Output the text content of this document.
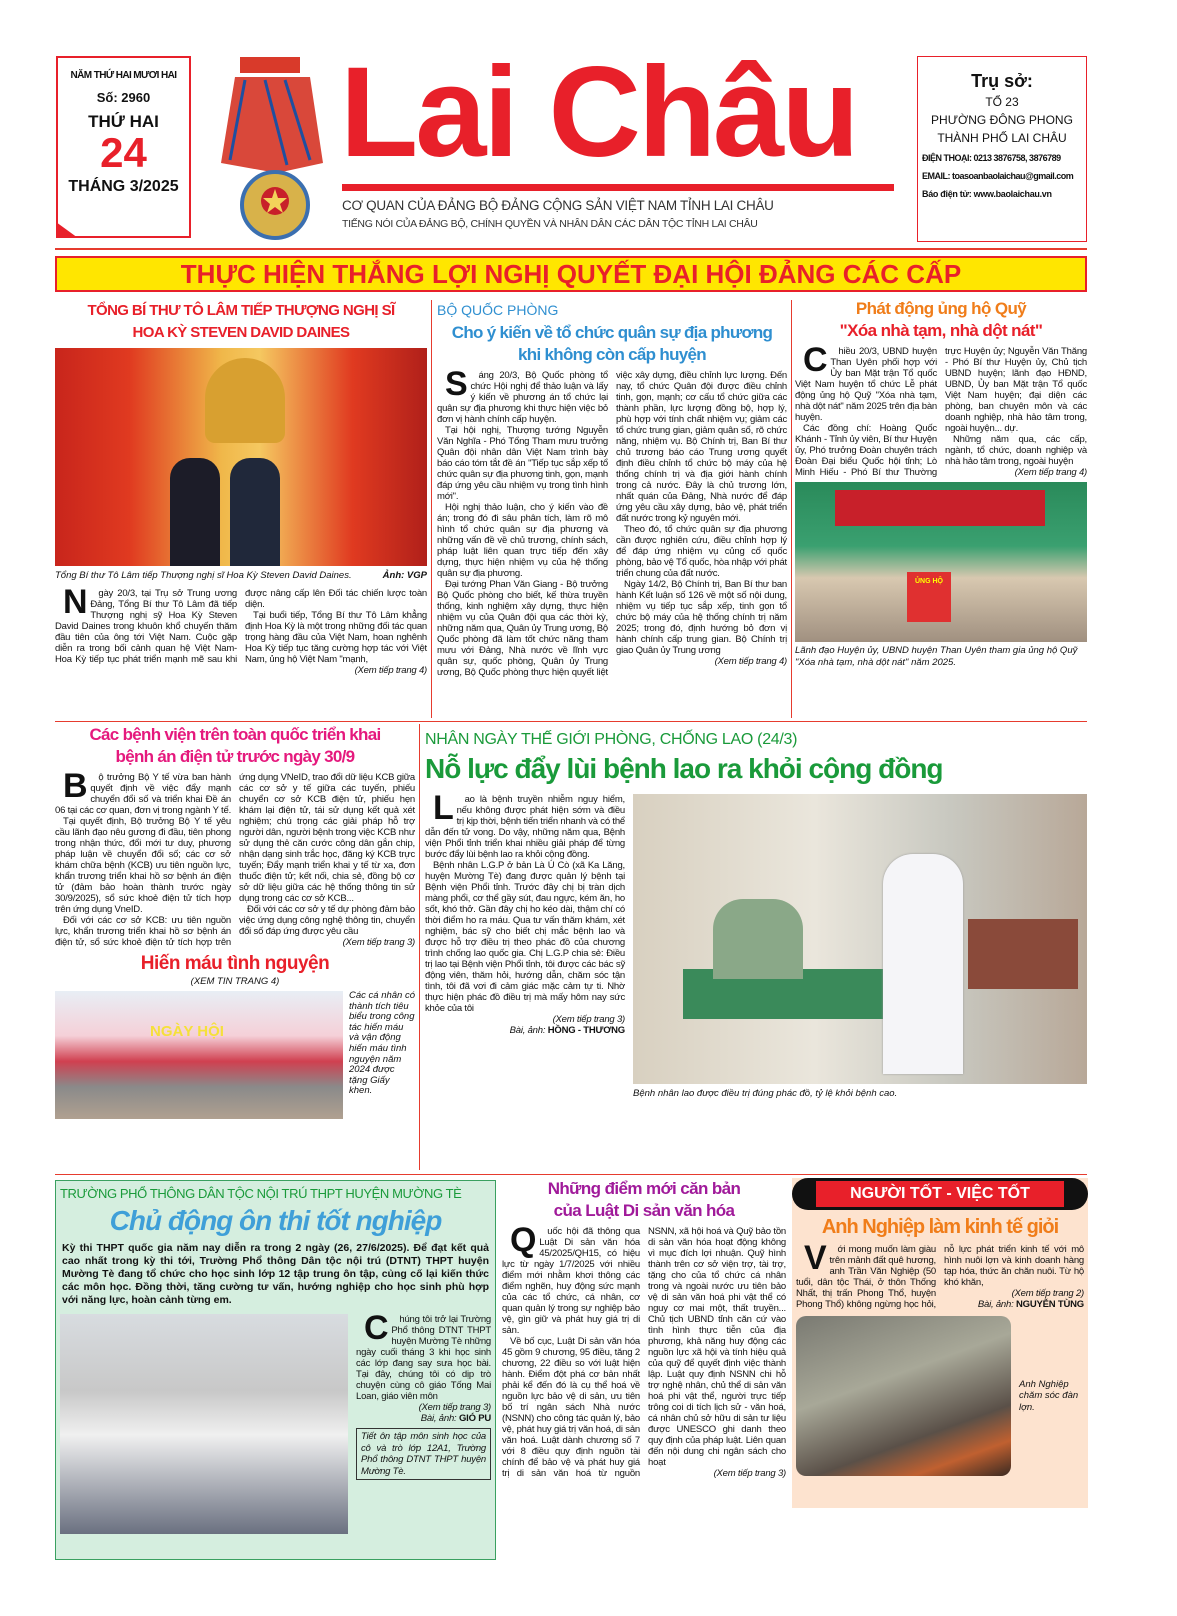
NĂM THỨ HAI MƯƠI HAI
Số: 2960
THỨ HAI
24
THÁNG 3/2025
Lai Châu
CƠ QUAN CỦA ĐẢNG BỘ ĐẢNG CỘNG SẢN VIỆT NAM TỈNH LAI CHÂU
TIẾNG NÓI CỦA ĐẢNG BỘ, CHÍNH QUYỀN VÀ NHÂN DÂN CÁC DÂN TỘC TỈNH LAI CHÂU
Trụ sở:
TỔ 23
PHƯỜNG ĐÔNG PHONG
THÀNH PHỐ LAI CHÂU
ĐIỆN THOẠI: 0213 3876758, 3876789
EMAIL: toasoanbaolaichau@gmail.com
Báo điện tử: www.baolaichau.vn
THỰC HIỆN THẮNG LỢI NGHỊ QUYẾT ĐẠI HỘI ĐẢNG CÁC CẤP
TỔNG BÍ THƯ TÔ LÂM TIẾP THƯỢNG NGHỊ SĨ
HOA KỲ STEVEN DAVID DAINES
Tổng Bí thư Tô Lâm tiếp Thượng nghị sĩ Hoa Kỳ Steven David Daines.	Ảnh: VGP

Ngày 20/3, tại Trụ sở Trung ương Đảng, Tổng Bí thư Tô Lâm đã tiếp Thượng nghị sỹ Hoa Kỳ Steven David Daines trong khuôn khổ chuyến thăm đầu tiên của ông tới Việt Nam. Cuộc gặp diễn ra trong bối cảnh quan hệ Việt Nam-Hoa Kỳ tiếp tục phát triển mạnh mẽ sau khi được nâng cấp lên Đối tác chiến lược toàn diện.

Tại buổi tiếp, Tổng Bí thư Tô Lâm khẳng định Hoa Kỳ là một trong những đối tác quan trọng hàng đầu của Việt Nam, hoan nghênh Hoa Kỳ tiếp tục tăng cường hợp tác với Việt Nam, ủng hộ Việt Nam "mạnh,

(Xem tiếp trang 4)
BỘ QUỐC PHÒNG
Cho ý kiến về tổ chức quân sự địa phương
khi không còn cấp huyện

Sáng 20/3, Bộ Quốc phòng tổ chức Hội nghị để thảo luận và lấy ý kiến về phương án tổ chức lại quân sự địa phương khi thực hiện việc bỏ đơn vị hành chính cấp huyện.

Tại hội nghị, Thượng tướng Nguyễn Văn Nghĩa - Phó Tổng Tham mưu trưởng Quân đội nhân dân Việt Nam trình bày báo cáo tóm tắt đề án "Tiếp tục sắp xếp tổ chức quân sự địa phương tinh, gọn, mạnh đáp ứng yêu cầu nhiệm vụ trong tình hình mới".

Hội nghị thảo luận, cho ý kiến vào đề án; trong đó đi sâu phân tích, làm rõ mô hình tổ chức quân sự địa phương và những vấn đề về chủ trương, chính sách, pháp luật liên quan trực tiếp đến xây dựng, thực hiện nhiệm vụ của hệ thống quân sự địa phương.

Đại tướng Phan Văn Giang - Bộ trưởng Bộ Quốc phòng cho biết, kế thừa truyền thống, kinh nghiệm xây dựng, thực hiện nhiệm vụ của Quân đội qua các thời kỳ, những năm qua, Quân ủy Trung ương, Bộ Quốc phòng đã làm tốt chức năng tham mưu với Đảng, Nhà nước về lĩnh vực quân sự, quốc phòng, Quân ủy Trung ương, Bộ Quốc phòng thực hiện quyết liệt việc xây dựng, điều chỉnh lực lượng. Đến nay, tổ chức Quân đội được điều chỉnh tinh, gọn, mạnh; cơ cấu tổ chức giữa các thành phần, lực lượng đồng bộ, hợp lý, phù hợp với tính chất nhiệm vụ; giảm các tổ chức trung gian, giảm quân số, rõ chức năng, nhiệm vụ. Bộ Chính trị, Ban Bí thư chủ trương báo cáo Trung ương quyết định điều chỉnh tổ chức bộ máy của hệ thống chính trị và địa giới hành chính trong cả nước. Đây là chủ trương lớn, nhất quán của Đảng, Nhà nước để đáp ứng yêu cầu xây dựng, bảo vệ, phát triển đất nước trong kỷ nguyên mới.

Theo đó, tổ chức quân sự địa phương cần được nghiên cứu, điều chỉnh hợp lý để đáp ứng nhiệm vụ củng cố quốc phòng, bảo vệ Tổ quốc, hòa nhập với phát triển chung của đất nước.

Ngày 14/2, Bộ Chính trị, Ban Bí thư ban hành Kết luận số 126 về một số nội dung, nhiệm vụ tiếp tục sắp xếp, tinh gọn tổ chức bộ máy của hệ thống chính trị năm 2025; trong đó, định hướng bỏ đơn vị hành chính cấp trung gian. Bộ Chính trị giao Quân ủy Trung ương

(Xem tiếp trang 4)
Phát động ủng hộ Quỹ
"Xóa nhà tạm, nhà dột nát"

Chiều 20/3, UBND huyện Than Uyên phối hợp với Ủy ban Mặt trận Tổ quốc Việt Nam huyện tổ chức Lễ phát động ủng hộ Quỹ "Xóa nhà tạm, nhà dột nát" năm 2025 trên địa bàn huyện.

Các đồng chí: Hoàng Quốc Khánh - Tỉnh ủy viên, Bí thư Huyện ủy, Phó trưởng Đoàn chuyên trách Đoàn Đại biểu Quốc hội tỉnh; Lò Minh Hiếu - Phó Bí thư Thường trực Huyện ủy; Nguyễn Văn Thăng - Phó Bí thư Huyện ủy, Chủ tịch UBND huyện; lãnh đạo HĐND, UBND, Ủy ban Mặt trận Tổ quốc Việt Nam huyện; đại diện các phòng, ban chuyên môn và các doanh nghiệp, nhà hảo tâm trong, ngoài huyện... dự.

Những năm qua, các cấp, ngành, tổ chức, doanh nghiệp và nhà hảo tâm trong, ngoài huyện

(Xem tiếp trang 4)
ỦNG HỘ
Lãnh đạo Huyện ủy, UBND huyện Than Uyên tham gia ủng hộ Quỹ "Xóa nhà tạm, nhà dột nát" năm 2025.
Các bệnh viện trên toàn quốc triển khai
bệnh án điện tử trước ngày 30/9

Bộ trưởng Bộ Y tế vừa ban hành quyết định về việc đẩy mạnh chuyển đổi số và triển khai Đề án 06 tại các cơ quan, đơn vị trong ngành Y tế.

Tại quyết định, Bộ trưởng Bộ Y tế yêu cầu lãnh đạo nêu gương đi đầu, tiên phong trong nhận thức, đổi mới tư duy, phương pháp luận về chuyển đổi số; các cơ sở khám chữa bệnh (KCB) ưu tiên nguồn lực, khẩn trương triển khai hồ sơ bệnh án điện tử (đảm bảo hoàn thành trước ngày 30/9/2025), sổ sức khoẻ điện tử tích hợp trên ứng dụng VneID.

Đối với các cơ sở KCB: ưu tiên nguồn lực, khẩn trương triển khai hồ sơ bệnh án điện tử, sổ sức khoẻ điện tử tích hợp trên ứng dụng VNeID, trao đổi dữ liệu KCB giữa các cơ sở y tế giữa các tuyến, phiếu chuyển cơ sở KCB điện tử, phiếu hẹn khám lại điện tử, tái sử dụng kết quả xét nghiệm; chú trọng các giải pháp hỗ trợ người dân, người bệnh trong việc KCB như sử dụng thẻ căn cước công dân gắn chip, nhận dạng sinh trắc học, đăng ký KCB trực tuyến; Đẩy mạnh triển khai y tế từ xa, đơn thuốc điện tử; kết nối, chia sẻ, đồng bộ cơ sở dữ liệu giữa các hệ thống thông tin sử dụng trong các cơ sở KCB...

Đối với các cơ sở y tế dự phòng đảm bảo việc ứng dụng công nghệ thông tin, chuyển đổi số đáp ứng được yêu cầu

(Xem tiếp trang 3)
Hiến máu tình nguyện
(XEM TIN TRANG 4)
NGÀY HỘI
Các cá nhân có thành tích tiêu biểu trong công tác hiến máu và vận động hiến máu tình nguyện năm 2024 được tặng Giấy khen.
NHÂN NGÀY THẾ GIỚI PHÒNG, CHỐNG LAO (24/3)
Nỗ lực đẩy lùi bệnh lao ra khỏi cộng đồng

Lao là bệnh truyền nhiễm nguy hiểm, nếu không được phát hiện sớm và điều trị kịp thời, bệnh tiến triển nhanh và có thể dẫn đến tử vong. Do vậy, những năm qua, Bệnh viện Phổi tỉnh triển khai nhiều giải pháp để từng bước đẩy lùi bệnh lao ra khỏi cộng đồng.

Bệnh nhân L.G.P ở bản Là Ú Cò (xã Ka Lăng, huyện Mường Tè) đang được quản lý bệnh tại Bệnh viện Phổi tỉnh. Trước đây chị bị tràn dịch màng phổi, cơ thể gầy sút, đau ngực, kém ăn, ho sốt, khó thở. Gần đây chị ho kéo dài, thậm chí có thời điểm ho ra máu. Qua tư vấn thăm khám, xét nghiệm, bác sỹ cho biết chị mắc bệnh lao và được hỗ trợ điều trị theo phác đồ của chương trình chống lao quốc gia. Chị L.G.P chia sẻ: Điều trị lao tại Bệnh viện Phổi tỉnh, tôi được các bác sỹ động viên, thăm hỏi, hướng dẫn, chăm sóc tận tình, tôi đã vơi đi cảm giác mặc cảm tự ti. Nhờ thực hiện phác đồ điều trị mà mấy hôm nay sức khỏe của tôi

(Xem tiếp trang 3)
Bài, ảnh: HỒNG - THƯƠNG
Bệnh nhân lao được điều trị đúng phác đồ, tỷ lệ khỏi bệnh cao.
TRƯỜNG PHỔ THÔNG DÂN TỘC NỘI TRÚ THPT HUYỆN MƯỜNG TÈ
Chủ động ôn thi tốt nghiệp
Kỳ thi THPT quốc gia năm nay diễn ra trong 2 ngày (26, 27/6/2025). Để đạt kết quả cao nhất trong kỳ thi tới, Trường Phổ thông Dân tộc nội trú (DTNT) THPT huyện Mường Tè đang tổ chức cho học sinh lớp 12 tập trung ôn tập, củng cố lại kiến thức các môn học. Đồng thời, tăng cường tư vấn, hướng nghiệp cho học sinh phù hợp với năng lực, hoàn cảnh từng em.

Chúng tôi trở lại Trường Phổ thông DTNT THPT huyện Mường Tè những ngày cuối tháng 3 khi học sinh các lớp đang say sưa học bài. Tại đây, chúng tôi có dịp trò chuyện cùng cô giáo Tống Mai Loan, giáo viên môn

(Xem tiếp trang 3)
Bài, ảnh: GIÓ PU
Tiết ôn tập môn sinh học của cô và trò lớp 12A1, Trường Phổ thông DTNT THPT huyện Mường Tè.
Những điểm mới căn bản
của Luật Di sản văn hóa

Quốc hội đã thông qua Luật Di sản văn hóa 45/2025/QH15, có hiệu lực từ ngày 1/7/2025 với nhiều điểm mới nhằm khơi thông các điểm nghẽn, huy động sức mạnh của các tổ chức, cá nhân, cơ quan quản lý trong sự nghiệp bảo vệ, gìn giữ và phát huy giá trị di sản.

Về bố cục, Luật Di sản văn hóa 45 gồm 9 chương, 95 điều, tăng 2 chương, 22 điều so với luật hiện hành. Điểm đột phá cơ bản nhất phải kể đến đó là cụ thể hoá về nguồn lực bảo vệ di sản, ưu tiên bố trí ngân sách Nhà nước (NSNN) cho công tác quản lý, bảo vệ, phát huy giá trị văn hoá, di sản văn hoá. Luật dành chương số 7 với 8 điều quy định nguồn tài chính để bảo vệ và phát huy giá trị di sản văn hoá từ nguồn NSNN, xã hội hoá và Quỹ bảo tồn di sản văn hóa hoạt động không vì mục đích lợi nhuận. Quỹ hình thành trên cơ sở viện trợ, tài trợ, tặng cho của tổ chức cá nhân trong và ngoài nước ưu tiên bảo vệ di sản văn hoá phi vật thể có nguy cơ mai một, thất truyền... Chủ tịch UBND tỉnh căn cứ vào tình hình thực tiễn của địa phương, khả năng huy động các nguồn lực xã hội và tính hiệu quả của quỹ để quyết định việc thành lập. Luật quy định NSNN chi hỗ trợ nghệ nhân, chủ thể di sản văn hoá phi vật thể, người trực tiếp trông coi di tích lịch sử - văn hoá, cá nhân chủ sở hữu di sản tư liệu được UNESCO ghi danh theo quy định của pháp luật. Liên quan đến nội dung chi ngân sách cho hoạt

(Xem tiếp trang 3)
NGƯỜI TỐT - VIỆC TỐT
Anh Nghiệp làm kinh tế giỏi

Với mong muốn làm giàu trên mảnh đất quê hương, anh Trần Văn Nghiệp (50 tuổi, dân tộc Thái, ở thôn Thống Nhất, thị trấn Phong Thổ, huyện Phong Thổ) không ngừng học hỏi, nỗ lực phát triển kinh tế với mô hình nuôi lợn và kinh doanh hàng tạp hóa, thức ăn chăn nuôi. Từ hộ khó khăn,

(Xem tiếp trang 2)
Bài, ảnh: NGUYỄN TÙNG
Anh Nghiệp chăm sóc đàn lợn.
